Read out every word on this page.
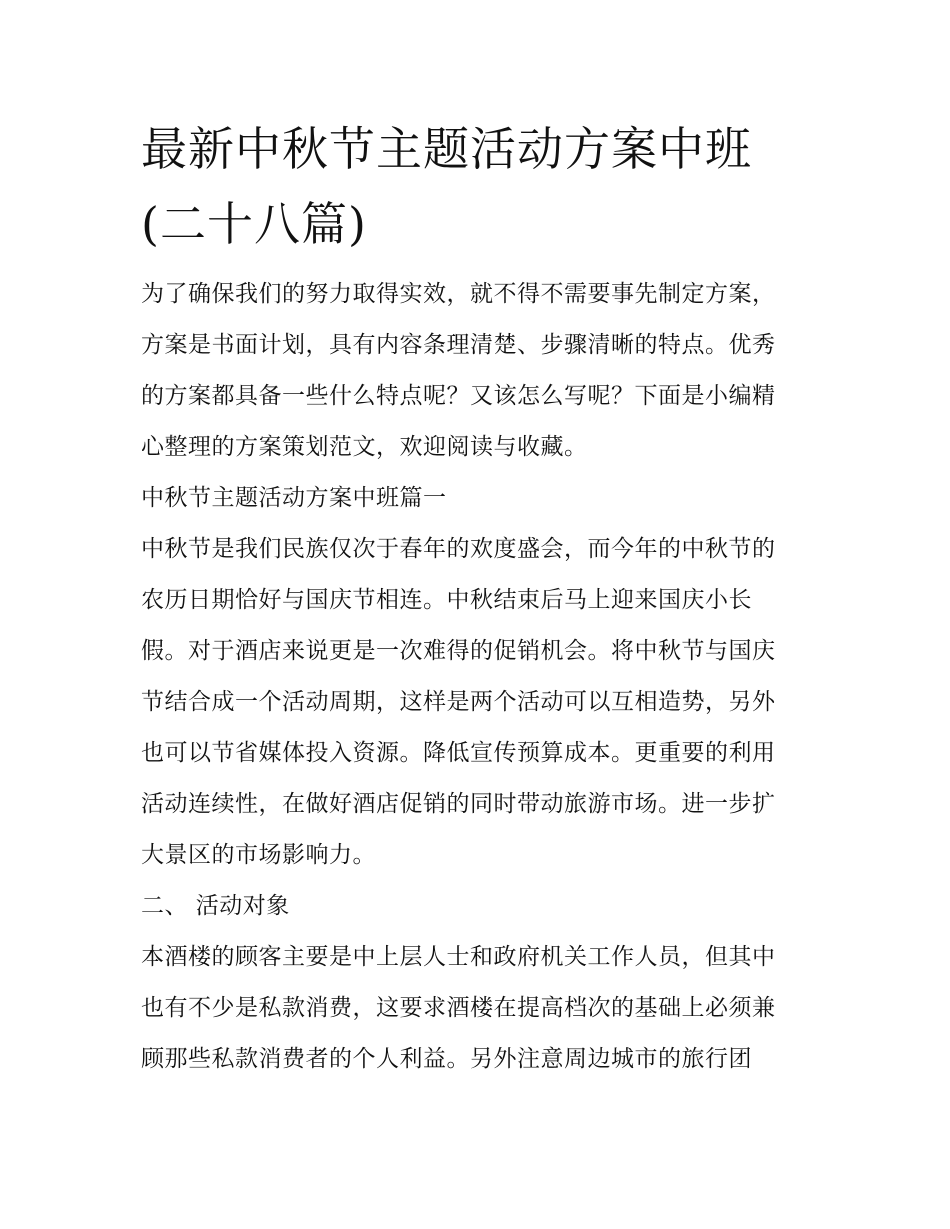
最新中秋节主题活动方案中班
(二十八篇)

为了确保我们的努力取得实效，就不得不需要事先制定方案，

方案是书面计划，具有内容条理清楚、步骤清晰的特点。优秀

的方案都具备一些什么特点呢？又该怎么写呢？下面是小编精

心整理的方案策划范文，欢迎阅读与收藏。

中秋节主题活动方案中班篇一

中秋节是我们民族仅次于春年的欢度盛会，而今年的中秋节的

农历日期恰好与国庆节相连。中秋结束后马上迎来国庆小长

假。对于酒店来说更是一次难得的促销机会。将中秋节与国庆

节结合成一个活动周期，这样是两个活动可以互相造势，另外

也可以节省媒体投入资源。降低宣传预算成本。更重要的利用

活动连续性，在做好酒店促销的同时带动旅游市场。进一步扩

大景区的市场影响力。

二、 活动对象

本酒楼的顾客主要是中上层人士和政府机关工作人员，但其中

也有不少是私款消费，这要求酒楼在提高档次的基础上必须兼

顾那些私款消费者的个人利益。另外注意周边城市的旅行团
